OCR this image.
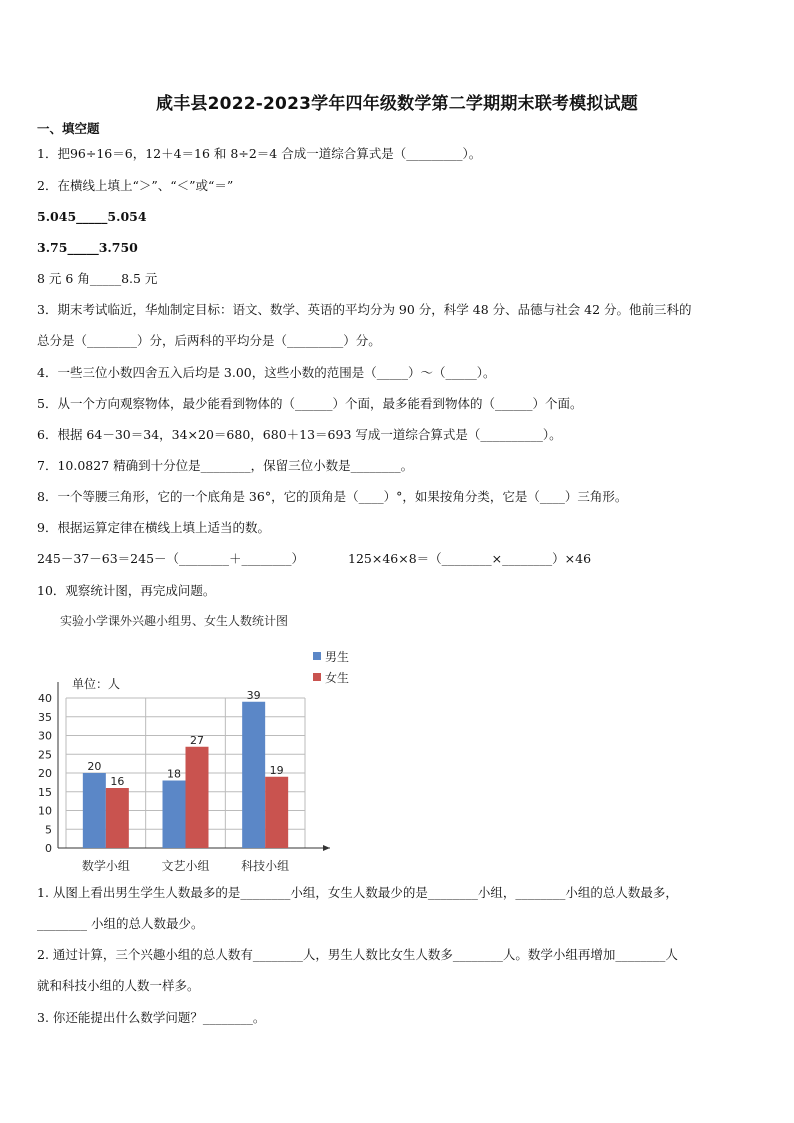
咸丰县2022-2023学年四年级数学第二学期期末联考模拟试题
一、填空题
1．把96÷16＝6，12＋4＝16 和 8÷2＝4 合成一道综合算式是（_________）。
2．在横线上填上“＞”、“＜”或“＝”
5.045_____5.054
3.75_____3.750
8 元 6 角_____8.5 元
3．期末考试临近，华灿制定目标：语文、数学、英语的平均分为 90 分，科学 48 分、品德与社会 42 分。他前三科的
总分是（________）分，后两科的平均分是（_________）分。
4．一些三位小数四舍五入后均是 3.00，这些小数的范围是（_____）～（_____）。
5．从一个方向观察物体，最少能看到物体的（______）个面，最多能看到物体的（______）个面。
6．根据 64－30＝34，34×20＝680，680＋13＝693 写成一道综合算式是（__________）。
7．10.0827 精确到十分位是________，保留三位小数是________。
8．一个等腰三角形，它的一个底角是 36°，它的顶角是（____）°，如果按角分类，它是（____）三角形。
9．根据运算定律在横线上填上适当的数。
245－37－63＝245－（________＋________）	125×46×8＝（________×________）×46
10．观察统计图，再完成问题。
实验小学课外兴趣小组男、女生人数统计图
0
5
10
15
20
25
30
35
40
20
16
数学小组
18
27
文艺小组
39
19
科技小组
男生
女生
单位：人
1. 从图上看出男生学生人数最多的是________小组，女生人数最少的是________小组，________小组的总人数最多，
________ 小组的总人数最少。
2. 通过计算，三个兴趣小组的总人数有________人，男生人数比女生人数多________人。数学小组再增加________人
就和科技小组的人数一样多。
3. 你还能提出什么数学问题？________。
